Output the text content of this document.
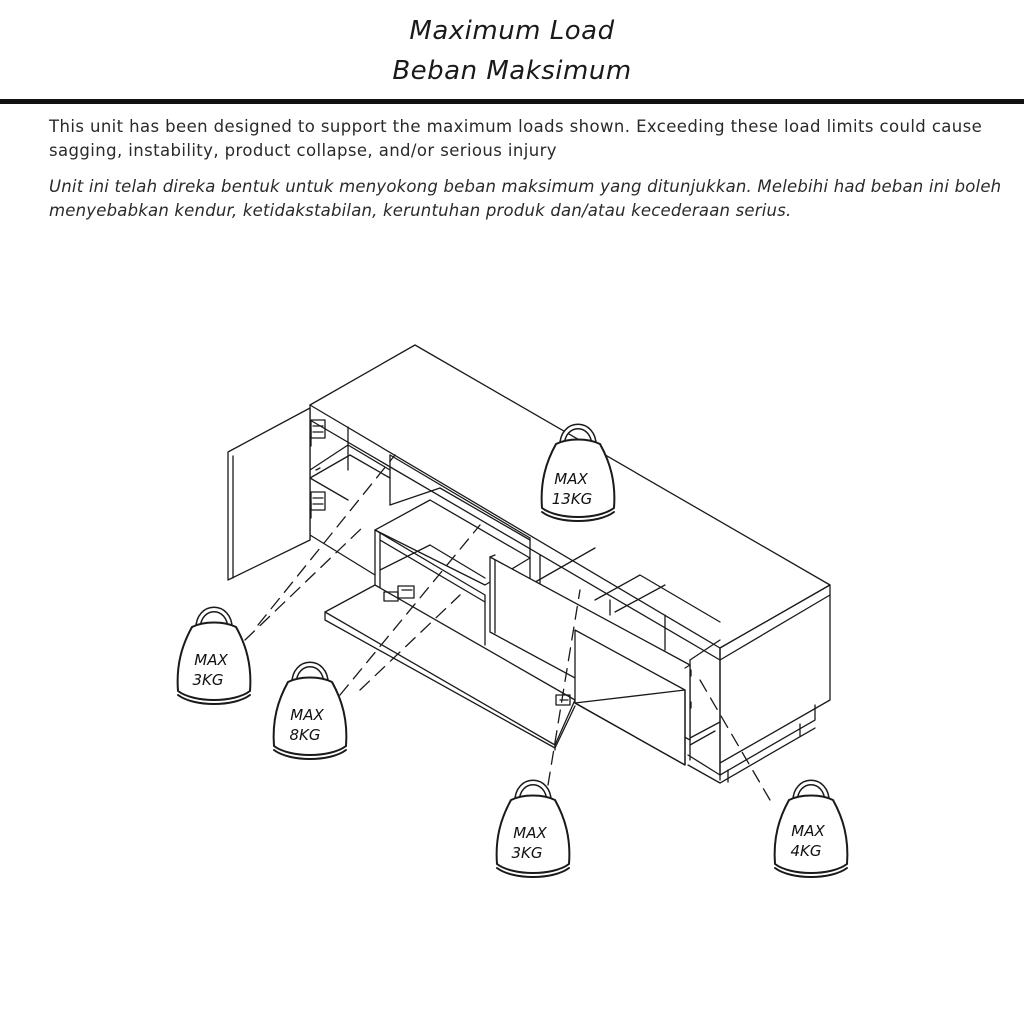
Maximum Load
Beban Maksimum
This unit has been designed to support the maximum loads shown. Exceeding these load limits could cause sagging, instability, product collapse, and/or serious injury
Unit ini telah direka bentuk untuk menyokong beban maksimum yang ditunjukkan. Melebihi had beban ini boleh menyebabkan kendur, ketidakstabilan, keruntuhan produk dan/atau kecederaan serius.
MAX
13KG
MAX
3KG
MAX
8KG
MAX
3KG
MAX
4KG
